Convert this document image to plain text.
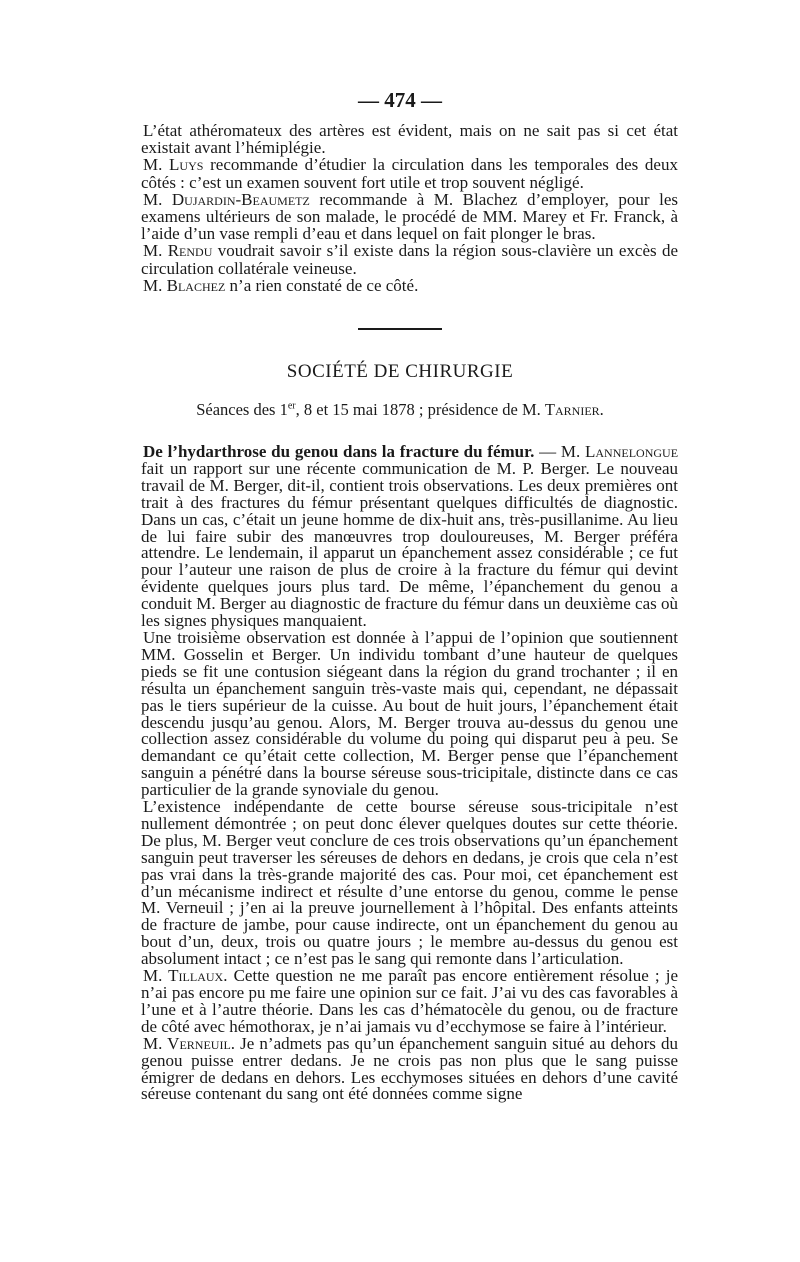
— 474 —

L’état athéromateux des artères est évident, mais on ne sait pas si cet état existait avant l’hémiplégie.

M. Luys recommande d’étudier la circulation dans les temporales des deux côtés : c’est un examen souvent fort utile et trop souvent négligé.

M. Dujardin-Beaumetz recommande à M. Blachez d’employer, pour les examens ultérieurs de son malade, le procédé de MM. Marey et Fr. Franck, à l’aide d’un vase rempli d’eau et dans lequel on fait plonger le bras.

M. Rendu voudrait savoir s’il existe dans la région sous-clavière un excès de circulation collatérale veineuse.

M. Blachez n’a rien constaté de ce côté.

SOCIÉTÉ DE CHIRURGIE
Séances des 1er, 8 et 15 mai 1878 ; présidence de M. Tarnier.

De l’hydarthrose du genou dans la fracture du fémur. — M. Lannelongue fait un rapport sur une récente communication de M. P. Berger. Le nouveau travail de M. Berger, dit-il, contient trois observations. Les deux premières ont trait à des fractures du fémur présentant quelques difficultés de diagnostic. Dans un cas, c’était un jeune homme de dix-huit ans, très-pusillanime. Au lieu de lui faire subir des manœuvres trop douloureuses, M. Berger préféra attendre. Le lendemain, il apparut un épanchement assez considérable ; ce fut pour l’auteur une raison de plus de croire à la fracture du fémur qui devint évidente quelques jours plus tard. De même, l’épanchement du genou a conduit M. Berger au diagnostic de fracture du fémur dans un deuxième cas où les signes physiques manquaient.

Une troisième observation est donnée à l’appui de l’opinion que soutiennent MM. Gosselin et Berger. Un individu tombant d’une hauteur de quelques pieds se fit une contusion siégeant dans la région du grand trochanter ; il en résulta un épanchement sanguin très-vaste mais qui, cependant, ne dépassait pas le tiers supérieur de la cuisse. Au bout de huit jours, l’épanchement était descendu jusqu’au genou. Alors, M. Berger trouva au-dessus du genou une collection assez considérable du volume du poing qui disparut peu à peu. Se demandant ce qu’était cette collection, M. Berger pense que l’épanchement sanguin a pénétré dans la bourse séreuse sous-tricipitale, distincte dans ce cas particulier de la grande synoviale du genou.

L’existence indépendante de cette bourse séreuse sous-tricipitale n’est nullement démontrée ; on peut donc élever quelques doutes sur cette théorie. De plus, M. Berger veut conclure de ces trois observations qu’un épanchement sanguin peut traverser les séreuses de dehors en dedans, je crois que cela n’est pas vrai dans la très-grande majorité des cas. Pour moi, cet épanchement est d’un mécanisme indirect et résulte d’une entorse du genou, comme le pense M. Verneuil ; j’en ai la preuve journellement à l’hôpital. Des enfants atteints de fracture de jambe, pour cause indirecte, ont un épanchement du genou au bout d’un, deux, trois ou quatre jours ; le membre au-dessus du genou est absolument intact ; ce n’est pas le sang qui remonte dans l’articulation.

M. Tillaux. Cette question ne me paraît pas encore entièrement résolue ; je n’ai pas encore pu me faire une opinion sur ce fait. J’ai vu des cas favorables à l’une et à l’autre théorie. Dans les cas d’hématocèle du genou, ou de fracture de côté avec hémothorax, je n’ai jamais vu d’ecchymose se faire à l’intérieur.

M. Verneuil. Je n’admets pas qu’un épanchement sanguin situé au dehors du genou puisse entrer dedans. Je ne crois pas non plus que le sang puisse émigrer de dedans en dehors. Les ecchymoses situées en dehors d’une cavité séreuse contenant du sang ont été données comme signe
